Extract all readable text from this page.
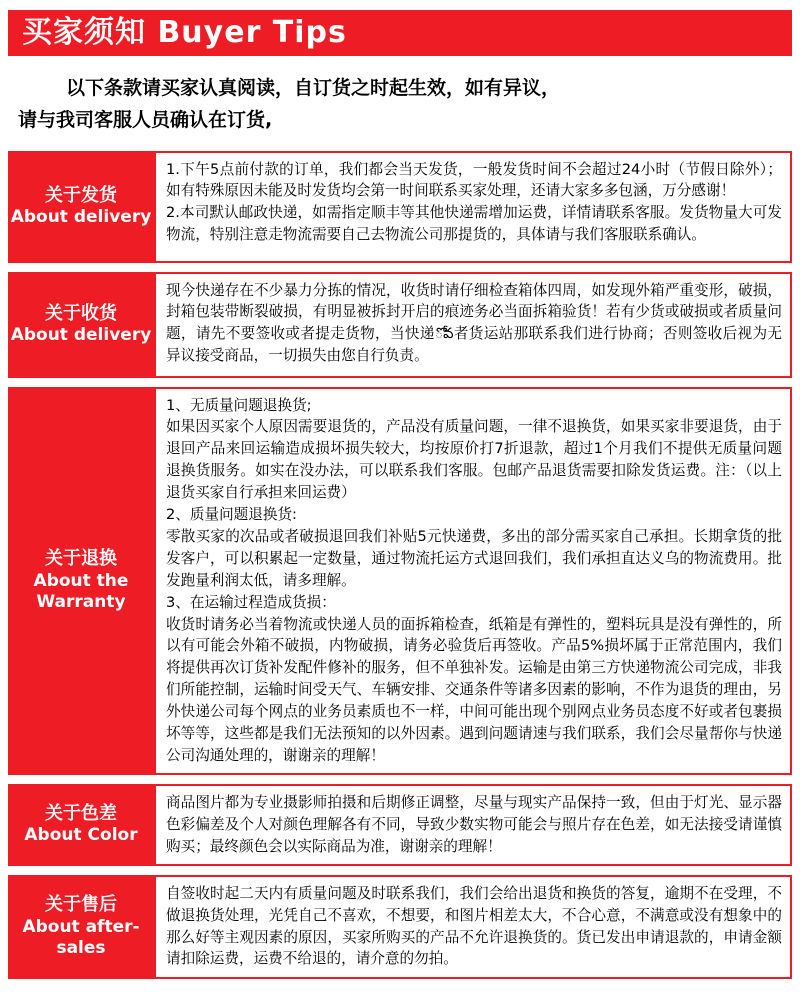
买家须知 Buyer Tips
以下条款请买家认真阅读，自订货之时起生效，如有异议，
请与我司客服人员确认在订货,
关于发货
About delivery

1.下午5点前付款的订单，我们都会当天发货，一般发货时间不会超过24小时（节假日除外）；如有特殊原因未能及时发货均会第一时间联系买家处理，还请大家多多包涵，万分感谢！

2.本司默认邮政快递，如需指定顺丰等其他快递需增加运费，详情请联系客服。发货物量大可发物流，特别注意走物流需要自己去物流公司那提货的，具体请与我们客服联系确认。

关于收货
About delivery

现今快递存在不少暴力分拣的情况，收货时请仔细检查箱体四周，如发现外箱严重变形，破损，封箱包装带断裂破损，有明显被拆封开启的痕迹务必当面拆箱验货！若有少货或破损或者质量问题，请先不要签收或者提走货物，当快递ోవ者货运站那联系我们进行协商；否则签收后视为无异议接受商品，一切损失由您自行负责。

关于退换
About the Warranty

1、无质量问题退换货;

如果因买家个人原因需要退货的，产品没有质量问题，一律不退换货，如果买家非要退货，由于退回产品来回运输造成损坏损失较大，均按原价打7折退款，超过1个月我们不提供无质量问题退换货服务。如实在没办法，可以联系我们客服。包邮产品退货需要扣除发货运费。注：（以上退货买家自行承担来回运费）

2、质量问题退换货:

零散买家的次品或者破损退回我们补贴5元快递费，多出的部分需买家自己承担。长期拿货的批发客户，可以积累起一定数量，通过物流托运方式退回我们，我们承担直达义乌的物流费用。批发跑量利润太低，请多理解。

3、在运输过程造成货损：

收货时请务必当着物流或快递人员的面拆箱检查，纸箱是有弹性的，塑料玩具是没有弹性的，所以有可能会外箱不破损，内物破损，请务必验货后再签收。产品5%损坏属于正常范围内，我们将提供再次订货补发配件修补的服务，但不单独补发。运输是由第三方快递物流公司完成，非我们所能控制，运输时间受天气、车辆安排、交通条件等诸多因素的影响，不作为退货的理由，另外快递公司每个网点的业务员素质也不一样，中间可能出现个别网点业务员态度不好或者包裹损坏等等，这些都是我们无法预知的以外因素。遇到问题请速与我们联系，我们会尽量帮你与快递公司沟通处理的，谢谢亲的理解！

关于色差
About Color

商品图片都为专业摄影师拍摄和后期修正调整，尽量与现实产品保持一致，但由于灯光、显示器色彩偏差及个人对颜色理解各有不同，导致少数实物可能会与照片存在色差，如无法接受请谨慎购买；最终颜色会以实际商品为准，谢谢亲的理解！

关于售后
About after-sales

自签收时起二天内有质量问题及时联系我们，我们会给出退货和换货的答复，逾期不在受理，不做退换货处理，光凭自己不喜欢，不想要，和图片相差太大，不合心意，不满意或没有想象中的那么好等主观因素的原因，买家所购买的产品不允许退换货的。货已发出申请退款的，申请金额请扣除运费，运费不给退的，请介意的勿拍。
